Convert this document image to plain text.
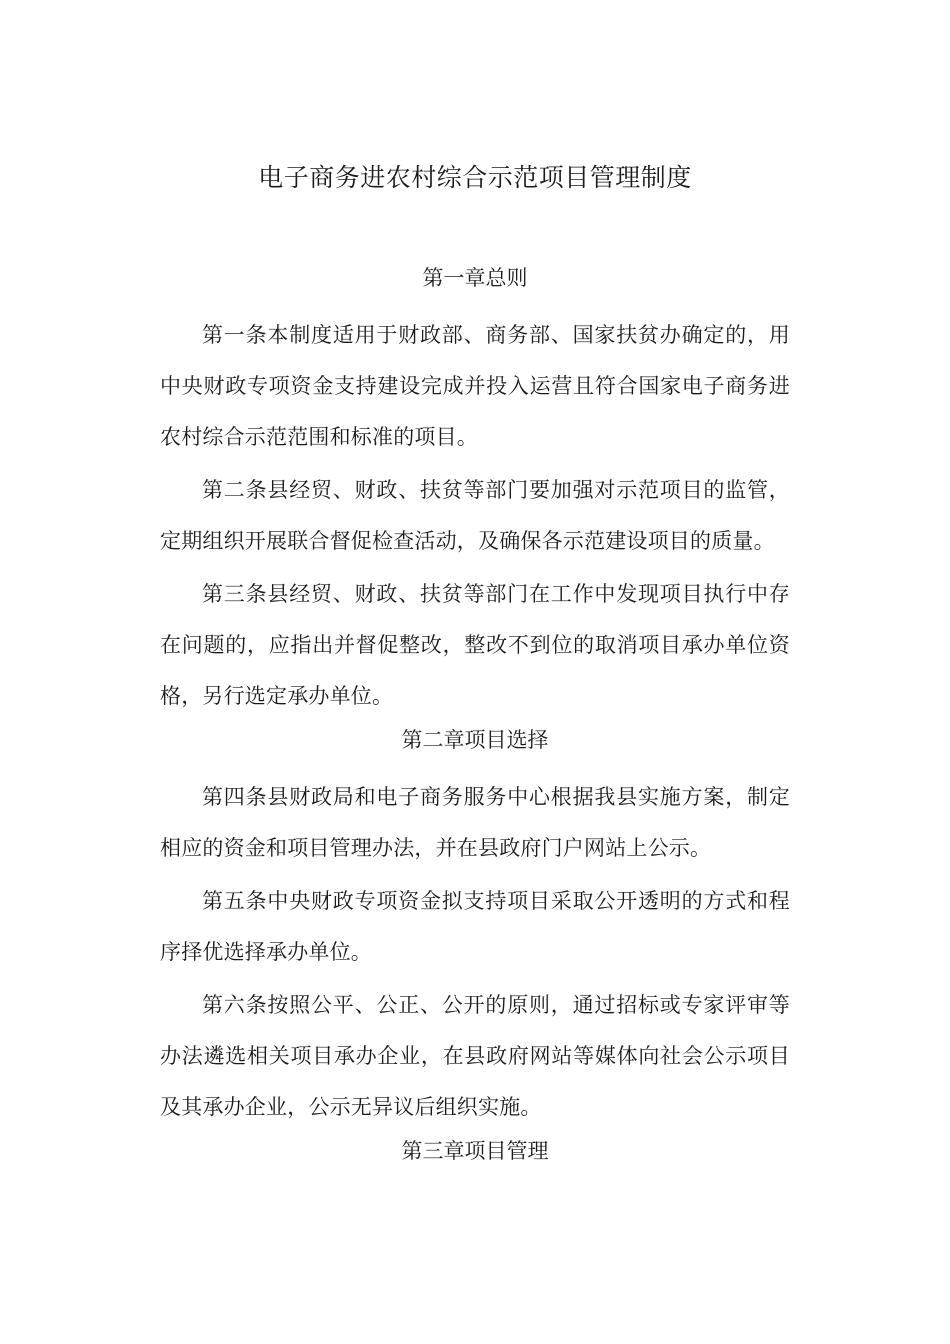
电子商务进农村综合示范项目管理制度
第一章总则

第一条本制度适用于财政部、商务部、国家扶贫办确定的，用中央财政专项资金支持建设完成并投入运营且符合国家电子商务进农村综合示范范围和标准的项目。

第二条县经贸、财政、扶贫等部门要加强对示范项目的监管，定期组织开展联合督促检查活动，及确保各示范建设项目的质量。

第三条县经贸、财政、扶贫等部门在工作中发现项目执行中存在问题的，应指出并督促整改，整改不到位的取消项目承办单位资格，另行选定承办单位。

第二章项目选择

第四条县财政局和电子商务服务中心根据我县实施方案，制定相应的资金和项目管理办法，并在县政府门户网站上公示。

第五条中央财政专项资金拟支持项目采取公开透明的方式和程序择优选择承办单位。

第六条按照公平、公正、公开的原则，通过招标或专家评审等办法遴选相关项目承办企业，在县政府网站等媒体向社会公示项目及其承办企业，公示无异议后组织实施。

第三章项目管理
